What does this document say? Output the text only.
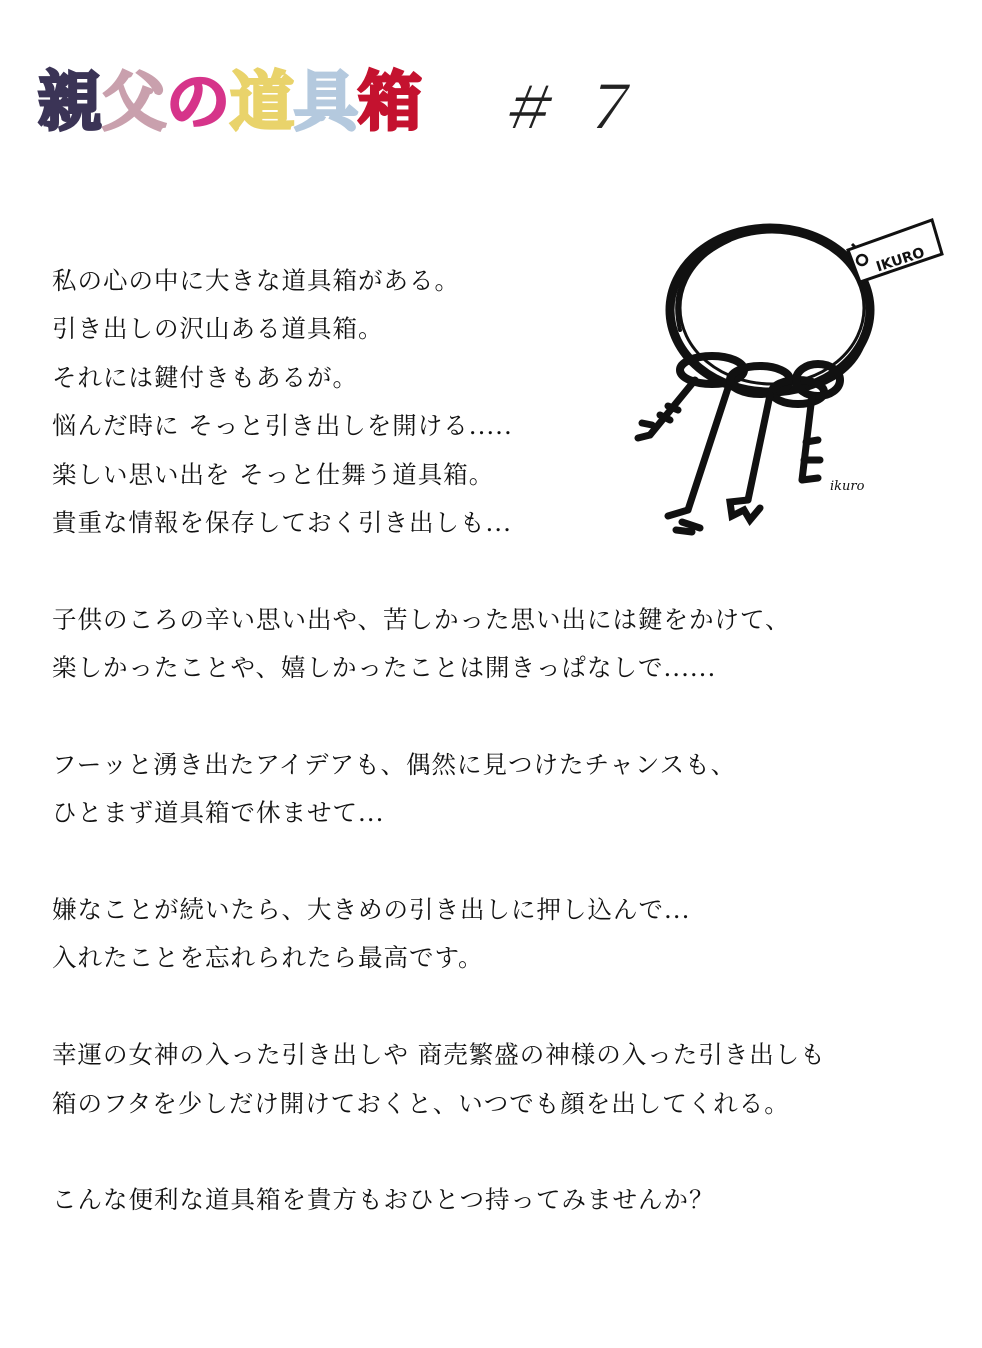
親 父 の 道 具 箱 ＃７
IKURO
ikuro
私の心の中に大きな道具箱がある。
引き出しの沢山ある道具箱。
それには鍵付きもあるが。
悩んだ時に そっと引き出しを開ける.....
楽しい思い出を そっと仕舞う道具箱。
貴重な情報を保存しておく引き出しも...
子供のころの辛い思い出や、苦しかった思い出には鍵をかけて、
楽しかったことや、嬉しかったことは開きっぱなしで......
フーッと湧き出たアイデアも、偶然に見つけたチャンスも、
ひとまず道具箱で休ませて...
嫌なことが続いたら、大きめの引き出しに押し込んで...
入れたことを忘れられたら最高です。
幸運の女神の入った引き出しや 商売繁盛の神様の入った引き出しも
箱のフタを少しだけ開けておくと、いつでも顔を出してくれる。
こんな便利な道具箱を貴方もおひとつ持ってみませんか？
